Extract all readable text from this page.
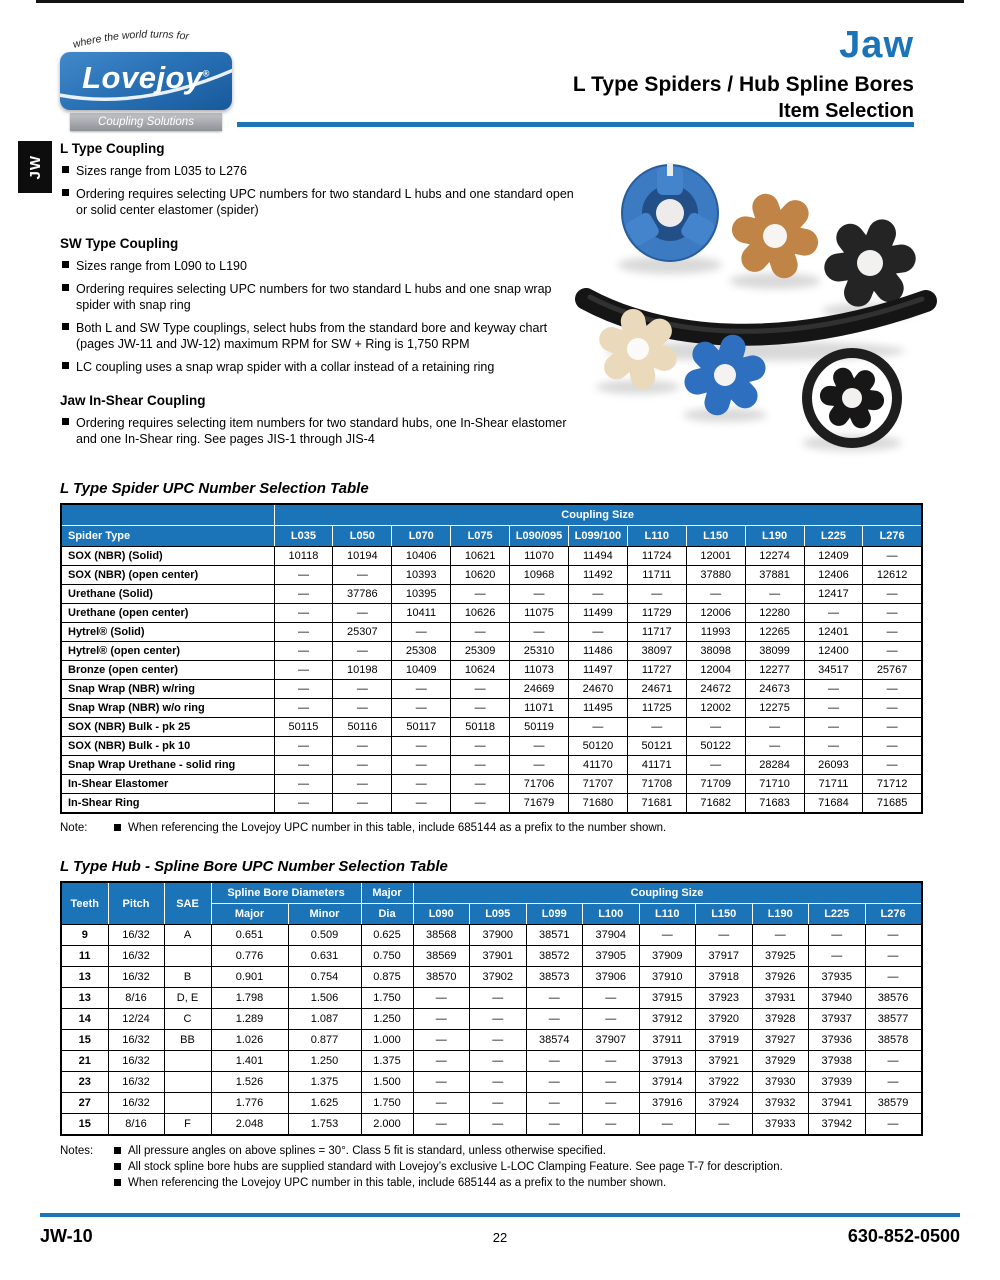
where the world turns for
Lovejoy®
Coupling Solutions
Jaw
L Type Spiders / Hub Spline Bores
Item Selection
JW
L Type Coupling
Sizes range from L035 to L276
Ordering requires selecting UPC numbers for two standard L hubs and one standard open or solid center elastomer (spider)
SW Type Coupling
Sizes range from L090 to L190
Ordering requires selecting UPC numbers for two standard L hubs and one snap wrap spider with snap ring
Both L and SW Type couplings, select hubs from the standard bore and keyway chart (pages JW-11 and JW-12) maximum RPM for SW + Ring is 1,750 RPM
LC coupling uses a snap wrap spider with a collar instead of a retaining ring
Jaw In-Shear Coupling
Ordering requires selecting item numbers for two standard hubs, one In-Shear elastomer and one In-Shear ring. See pages JIS-1 through JIS-4
L Type Spider UPC Number Selection Table
	Coupling Size										
Spider Type	L035	L050	L070	L075	L090/095	L099/100	L110	L150	L190	L225	L276
SOX (NBR) (Solid)	10118	10194	10406	10621	11070	11494	11724	12001	12274	12409	—
SOX (NBR) (open center)	—	—	10393	10620	10968	11492	11711	37880	37881	12406	12612
Urethane (Solid)	—	37786	10395	—	—	—	—	—	—	12417	—
Urethane (open center)	—	—	10411	10626	11075	11499	11729	12006	12280	—	—
Hytrel® (Solid)	—	25307	—	—	—	—	11717	11993	12265	12401	—
Hytrel® (open center)	—	—	25308	25309	25310	11486	38097	38098	38099	12400	—
Bronze (open center)	—	10198	10409	10624	11073	11497	11727	12004	12277	34517	25767
Snap Wrap (NBR) w/ring	—	—	—	—	24669	24670	24671	24672	24673	—	—
Snap Wrap (NBR) w/o ring	—	—	—	—	11071	11495	11725	12002	12275	—	—
SOX (NBR) Bulk - pk 25	50115	50116	50117	50118	50119	—	—	—	—	—	—
SOX (NBR) Bulk - pk 10	—	—	—	—	—	50120	50121	50122	—	—	—
Snap Wrap Urethane - solid ring	—	—	—	—	—	41170	41171	—	28284	26093	—
In-Shear Elastomer	—	—	—	—	71706	71707	71708	71709	71710	71711	71712
In-Shear Ring	—	—	—	—	71679	71680	71681	71682	71683	71684	71685
Note:	When referencing the Lovejoy UPC number in this table, include 685144 as a prefix to the number shown.
L Type Hub - Spline Bore UPC Number Selection Table
Teeth	Pitch	SAE	Spline Bore Diameters		Major	Coupling Size								
			Major	Minor	Dia	L090	L095	L099	L100	L110	L150	L190	L225	L276
9	16/32	A	0.651	0.509	0.625	38568	37900	38571	37904	—	—	—	—	—
11	16/32		0.776	0.631	0.750	38569	37901	38572	37905	37909	37917	37925	—	—
13	16/32	B	0.901	0.754	0.875	38570	37902	38573	37906	37910	37918	37926	37935	—
13	8/16	D, E	1.798	1.506	1.750	—	—	—	—	37915	37923	37931	37940	38576
14	12/24	C	1.289	1.087	1.250	—	—	—	—	37912	37920	37928	37937	38577
15	16/32	BB	1.026	0.877	1.000	—	—	38574	37907	37911	37919	37927	37936	38578
21	16/32		1.401	1.250	1.375	—	—	—	—	37913	37921	37929	37938	—
23	16/32		1.526	1.375	1.500	—	—	—	—	37914	37922	37930	37939	—
27	16/32		1.776	1.625	1.750	—	—	—	—	37916	37924	37932	37941	38579
15	8/16	F	2.048	1.753	2.000	—	—	—	—	—	—	37933	37942	—
Notes:	All pressure angles on above splines = 30°. Class 5 fit is standard, unless otherwise specified.
All stock spline bore hubs are supplied standard with Lovejoy’s exclusive L-LOC Clamping Feature. See page T-7 for description.
When referencing the Lovejoy UPC number in this table, include 685144 as a prefix to the number shown.
JW-10	22	630-852-0500
